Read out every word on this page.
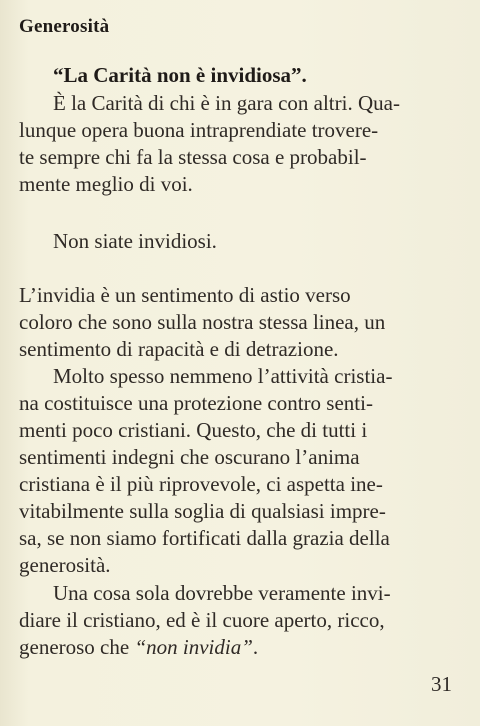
Generosità
“La Carità non è invidiosa”.
È la Carità di chi è in gara con altri. Qua-
lunque opera buona intraprendiate trovere-
te sempre chi fa la stessa cosa e probabil-
mente meglio di voi.
Non siate invidiosi.
L’invidia è un sentimento di astio verso
coloro che sono sulla nostra stessa linea, un
sentimento di rapacità e di detrazione.
Molto spesso nemmeno l’attività cristia-
na costituisce una protezione contro senti-
menti poco cristiani. Questo, che di tutti i
sentimenti indegni che oscurano l’anima
cristiana è il più riprovevole, ci aspetta ine-
vitabilmente sulla soglia di qualsiasi impre-
sa, se non siamo fortificati dalla grazia della
generosità.
Una cosa sola dovrebbe veramente invi-
diare il cristiano, ed è il cuore aperto, ricco,
generoso che “non invidia”.
31
